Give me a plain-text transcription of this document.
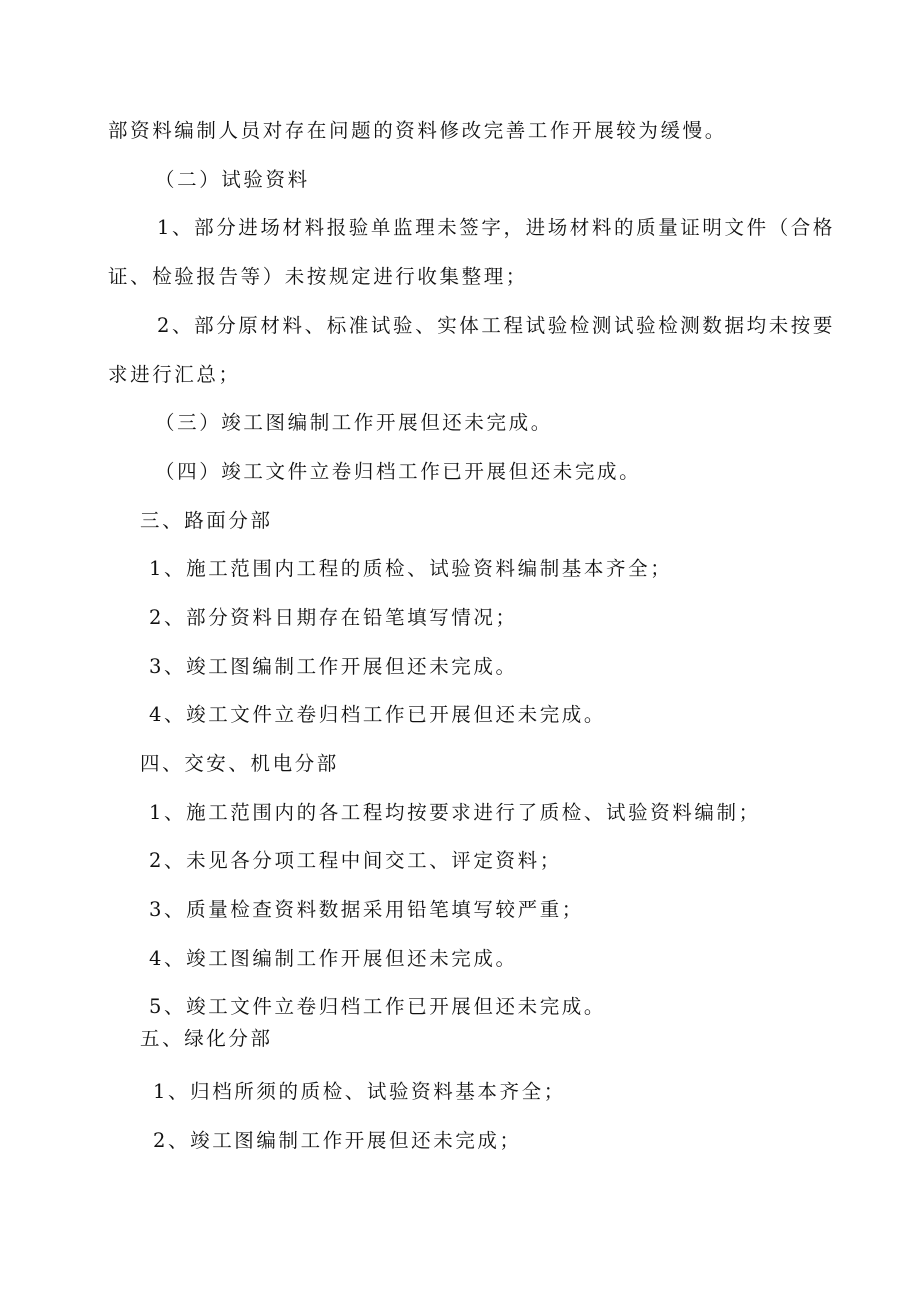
部资料编制人员对存在问题的资料修改完善工作开展较为缓慢。
（二）试验资料
1、部分进场材料报验单监理未签字，进场材料的质量证明文件（合格
证、检验报告等）未按规定进行收集整理；
2、部分原材料、标准试验、实体工程试验检测试验检测数据均未按要
求进行汇总；
（三）竣工图编制工作开展但还未完成。
（四）竣工文件立卷归档工作已开展但还未完成。
三、路面分部
1、施工范围内工程的质检、试验资料编制基本齐全；
2、部分资料日期存在铅笔填写情况；
3、竣工图编制工作开展但还未完成。
4、竣工文件立卷归档工作已开展但还未完成。
四、交安、机电分部
1、施工范围内的各工程均按要求进行了质检、试验资料编制；
2、未见各分项工程中间交工、评定资料；
3、质量检查资料数据采用铅笔填写较严重；
4、竣工图编制工作开展但还未完成。
5、竣工文件立卷归档工作已开展但还未完成。
五、绿化分部
1、归档所须的质检、试验资料基本齐全；
2、竣工图编制工作开展但还未完成；
